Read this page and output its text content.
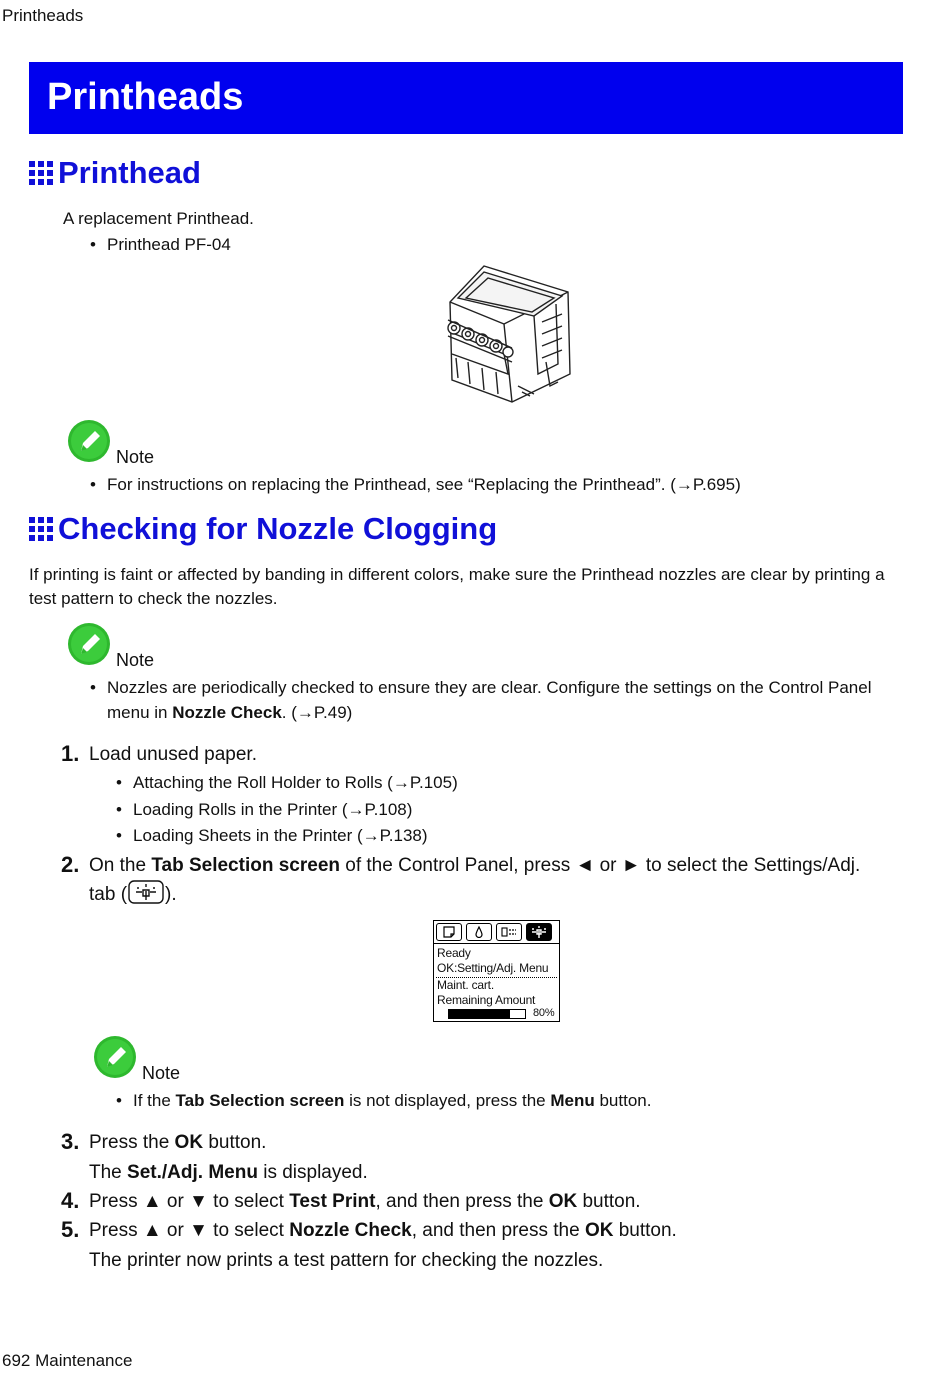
Printheads
Printheads
Printhead
A replacement Printhead.
• Printhead PF-04
Note
• For instructions on replacing the Printhead, see “Replacing the Printhead”. (→P.695)
Checking for Nozzle Clogging
If printing is faint or affected by banding in different colors, make sure the Printhead nozzles are clear by printing a
test pattern to check the nozzles.
Note
• Nozzles are periodically checked to ensure they are clear. Configure the settings on the Control Panel
menu in Nozzle Check. (→P.49)
1. Load unused paper.
• Attaching the Roll Holder to Rolls (→P.105)
• Loading Rolls in the Printer (→P.108)
• Loading Sheets in the Printer (→P.138)
2. On the Tab Selection screen of the Control Panel, press ◄ or ► to select the Settings/Adj.
tab ( ).
Ready
OK:Setting/Adj. Menu
Maint. cart.
Remaining Amount
80%
Note
• If the Tab Selection screen is not displayed, press the Menu button.
3. Press the OK button.
The Set./Adj. Menu is displayed.
4. Press ▲ or ▼ to select Test Print, and then press the OK button.
5. Press ▲ or ▼ to select Nozzle Check, and then press the OK button.
The printer now prints a test pattern for checking the nozzles.
692 Maintenance
